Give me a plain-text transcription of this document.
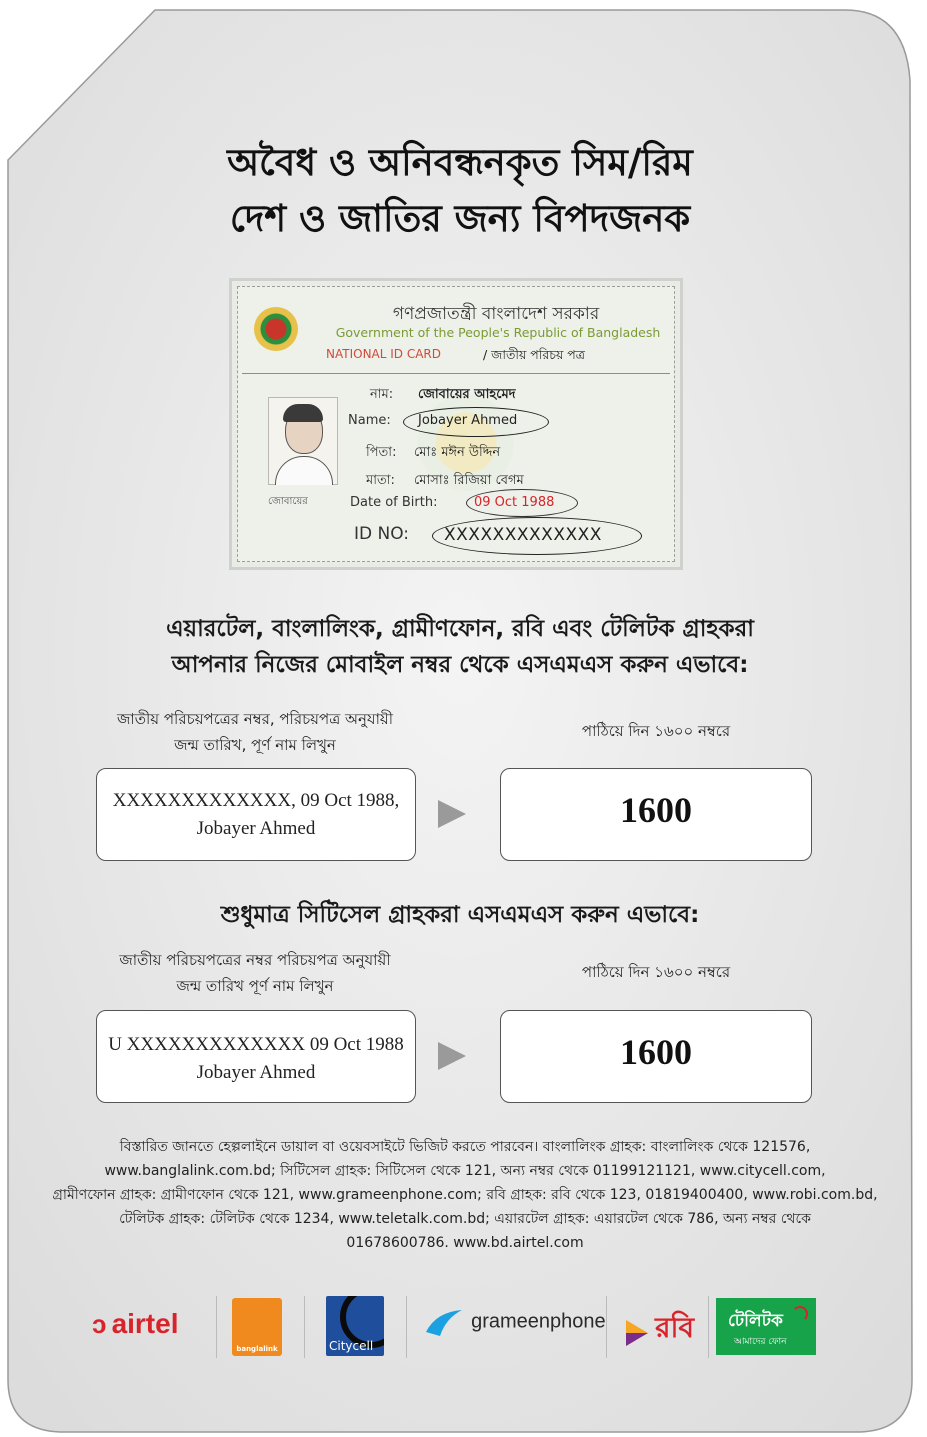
অবৈধ ও অনিবন্ধনকৃত সিম/রিম
দেশ ও জাতির জন্য বিপদজনক
গণপ্রজাতন্ত্রী বাংলাদেশ সরকার
Government of the People's Republic of Bangladesh
NATIONAL ID CARD	/ জাতীয় পরিচয় পত্র
জোবায়ের
নাম: জোবায়ের আহমেদ
Name: Jobayer Ahmed
পিতা: মোঃ মঈন উদ্দিন
মাতা: মোসাঃ রিজিয়া বেগম
Date of Birth:	09 Oct 1988
ID NO: XXXXXXXXXXXXX
এয়ারটেল, বাংলালিংক, গ্রামীণফোন, রবি এবং টেলিটক গ্রাহকরা
আপনার নিজের মোবাইল নম্বর থেকে এসএমএস করুন এভাবে:
জাতীয় পরিচয়পত্রের নম্বর, পরিচয়পত্র অনুযায়ী
জন্ম তারিখ, পূর্ণ নাম লিখুন
পাঠিয়ে দিন ১৬০০ নম্বরে
XXXXXXXXXXXXX, 09 Oct 1988,
Jobayer Ahmed	1600
শুধুমাত্র সিটিসেল গ্রাহকরা এসএমএস করুন এভাবে:
জাতীয় পরিচয়পত্রের নম্বর পরিচয়পত্র অনুযায়ী
জন্ম তারিখ পূর্ণ নাম লিখুন
পাঠিয়ে দিন ১৬০০ নম্বরে
U XXXXXXXXXXXXX 09 Oct 1988
Jobayer Ahmed
1600
বিস্তারিত জানতে হেল্পলাইনে ডায়াল বা ওয়েবসাইটে ভিজিট করতে পারবেন। বাংলালিংক গ্রাহক: বাংলালিংক থেকে 121576,
www.banglalink.com.bd; সিটিসেল গ্রাহক: সিটিসেল থেকে 121, অন্য নম্বর থেকে 01199121121, www.citycell.com,
গ্রামীণফোন গ্রাহক: গ্রামীণফোন থেকে 121, www.grameenphone.com; রবি গ্রাহক: রবি থেকে 123, 01819400400, www.robi.com.bd,
টেলিটক গ্রাহক: টেলিটক থেকে 1234, www.teletalk.com.bd; এয়ারটেল গ্রাহক: এয়ারটেল থেকে 786, অন্য নম্বর থেকে
01678600786. www.bd.airtel.com
ↄ airtel
banglalink	Citycell
grameenphone	রবি টেলিটক
আমাদের ফোন
